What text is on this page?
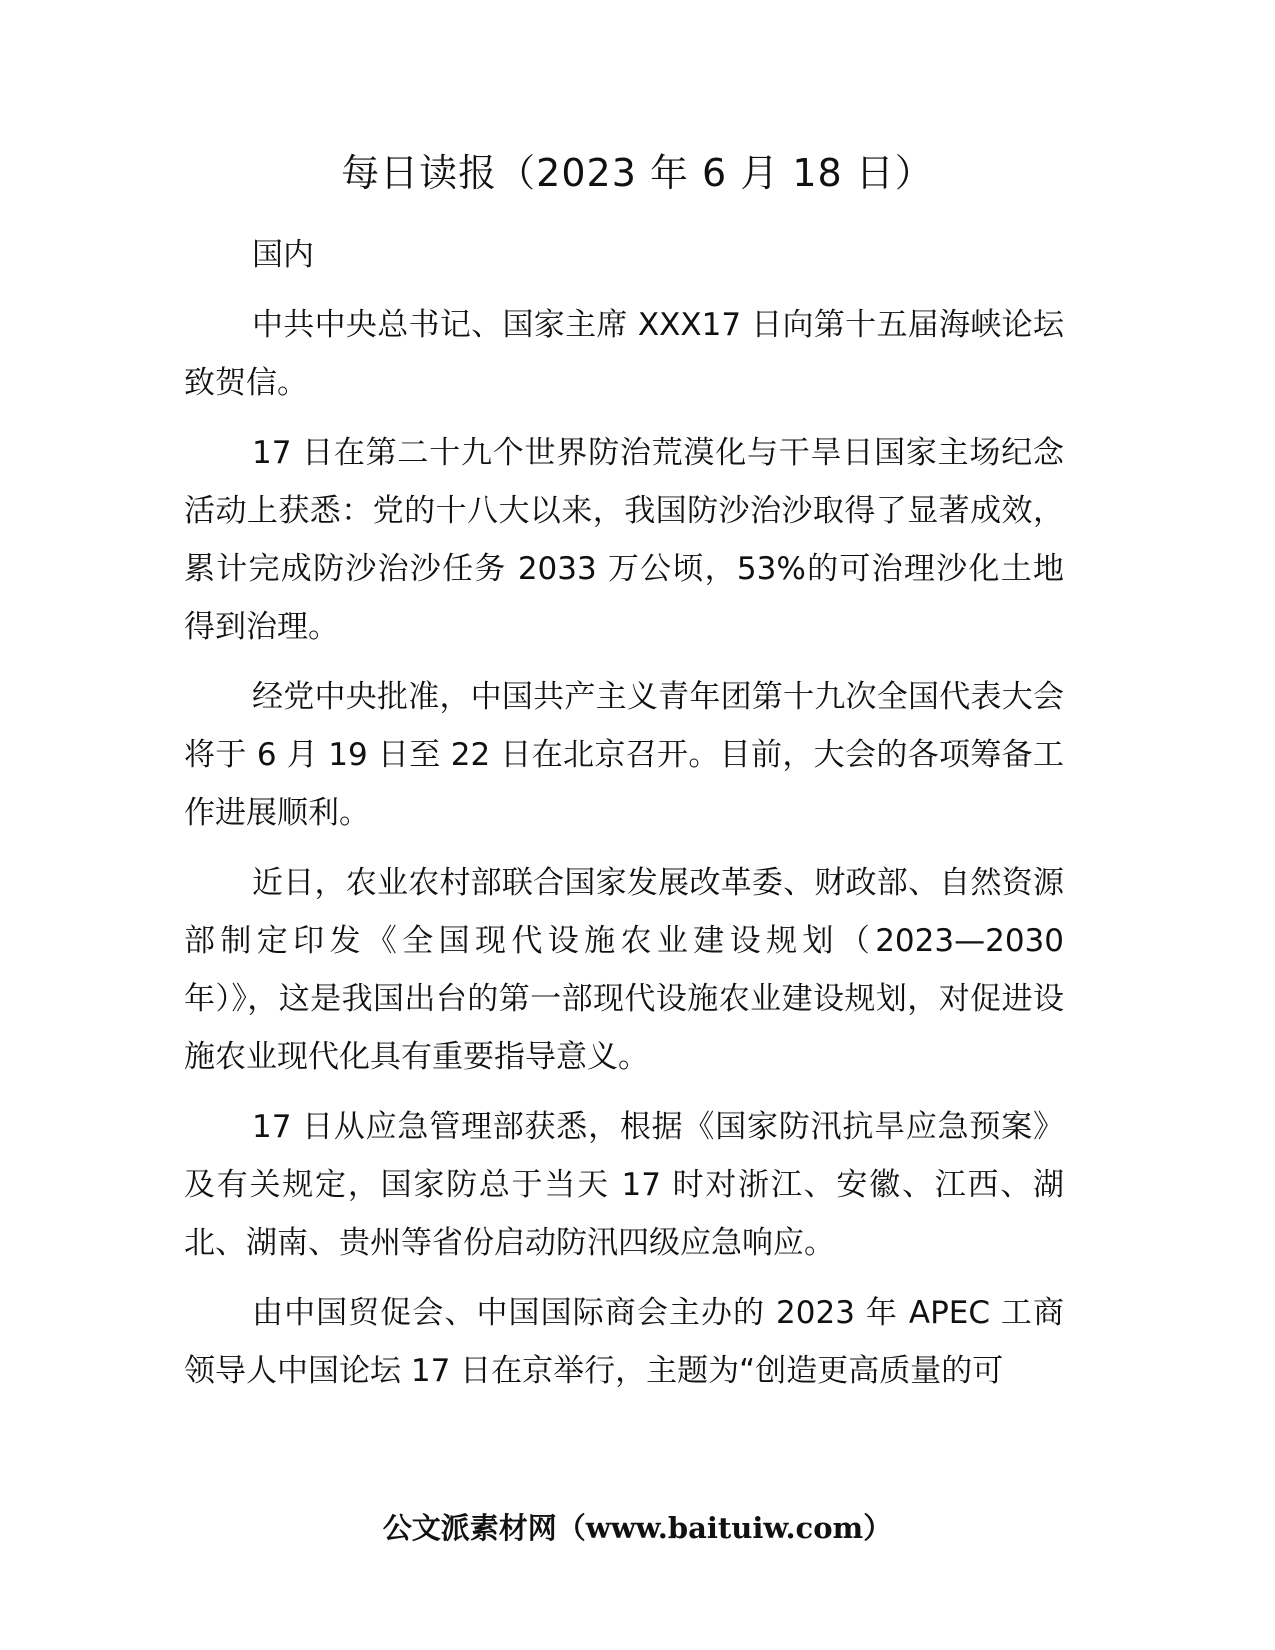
每日读报（2023 年 6 月 18 日）

国内

中共中央总书记、国家主席 XXX17 日向第十五届海峡论坛致贺信。

17 日在第二十九个世界防治荒漠化与干旱日国家主场纪念活动上获悉：党的十八大以来，我国防沙治沙取得了显著成效，累计完成防沙治沙任务 2033 万公顷，53%的可治理沙化土地得到治理。

经党中央批准，中国共产主义青年团第十九次全国代表大会将于 6 月 19 日至 22 日在北京召开。目前，大会的各项筹备工作进展顺利。

近日，农业农村部联合国家发展改革委、财政部、自然资源部制定印发《全国现代设施农业建设规划（2023—2030 年）》，这是我国出台的第一部现代设施农业建设规划，对促进设施农业现代化具有重要指导意义。

17 日从应急管理部获悉，根据《国家防汛抗旱应急预案》及有关规定，国家防总于当天 17 时对浙江、安徽、江西、湖北、湖南、贵州等省份启动防汛四级应急响应。

由中国贸促会、中国国际商会主办的 2023 年 APEC 工商领导人中国论坛 17 日在京举行，主题为“创造更高质量的可

公文派素材网（www.baituiw.com）
